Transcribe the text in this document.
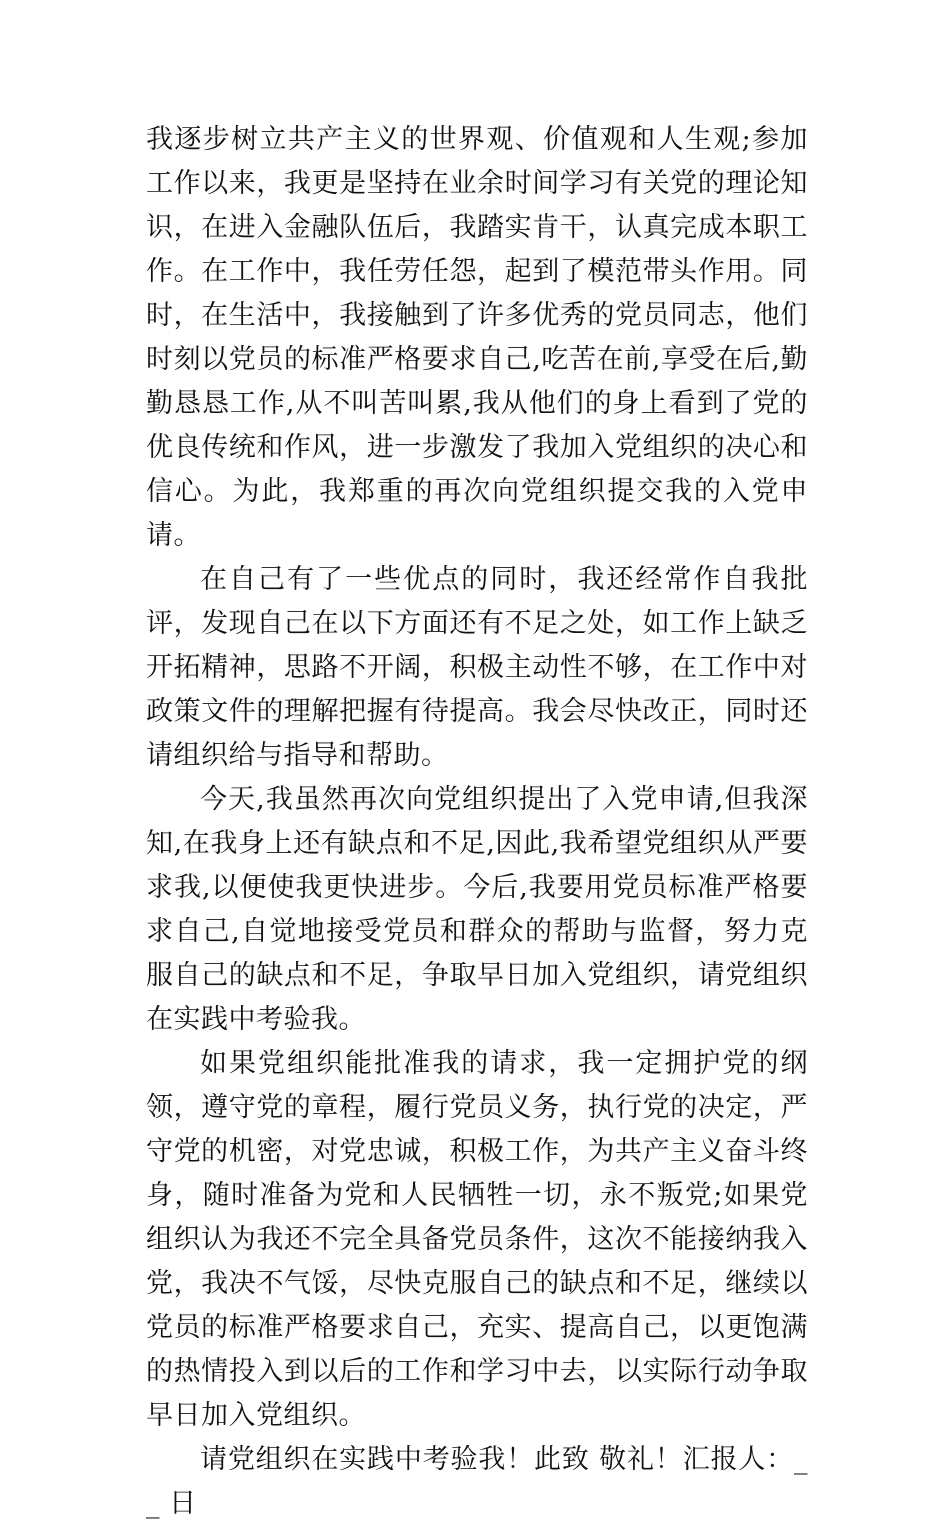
我逐步树立共产主义的世界观、价值观和人生观;参加工作以来，我更是坚持在业余时间学习有关党的理论知识，在进入金融队伍后，我踏实肯干，认真完成本职工作。在工作中，我任劳任怨，起到了模范带头作用。同时，在生活中，我接触到了许多优秀的党员同志，他们时刻以党员的标准严格要求自己,吃苦在前,享受在后,勤勤恳恳工作,从不叫苦叫累,我从他们的身上看到了党的优良传统和作风，进一步激发了我加入党组织的决心和信心。为此，我郑重的再次向党组织提交我的入党申请。

在自己有了一些优点的同时，我还经常作自我批评，发现自己在以下方面还有不足之处，如工作上缺乏开拓精神，思路不开阔，积极主动性不够，在工作中对政策文件的理解把握有待提高。我会尽快改正，同时还请组织给与指导和帮助。

今天,我虽然再次向党组织提出了入党申请,但我深知,在我身上还有缺点和不足,因此,我希望党组织从严要求我,以便使我更快进步。今后,我要用党员标准严格要求自己,自觉地接受党员和群众的帮助与监督，努力克服自己的缺点和不足，争取早日加入党组织，请党组织在实践中考验我。

如果党组织能批准我的请求，我一定拥护党的纲领，遵守党的章程，履行党员义务，执行党的决定，严守党的机密，对党忠诚，积极工作，为共产主义奋斗终身，随时准备为党和人民牺牲一切，永不叛党;如果党组织认为我还不完全具备党员条件，这次不能接纳我入党，我决不气馁，尽快克服自己的缺点和不足，继续以党员的标准严格要求自己，充实、提高自己，以更饱满的热情投入到以后的工作和学习中去，以实际行动争取早日加入党组织。

请党组织在实践中考验我！此致 敬礼！汇报人：__ 日
